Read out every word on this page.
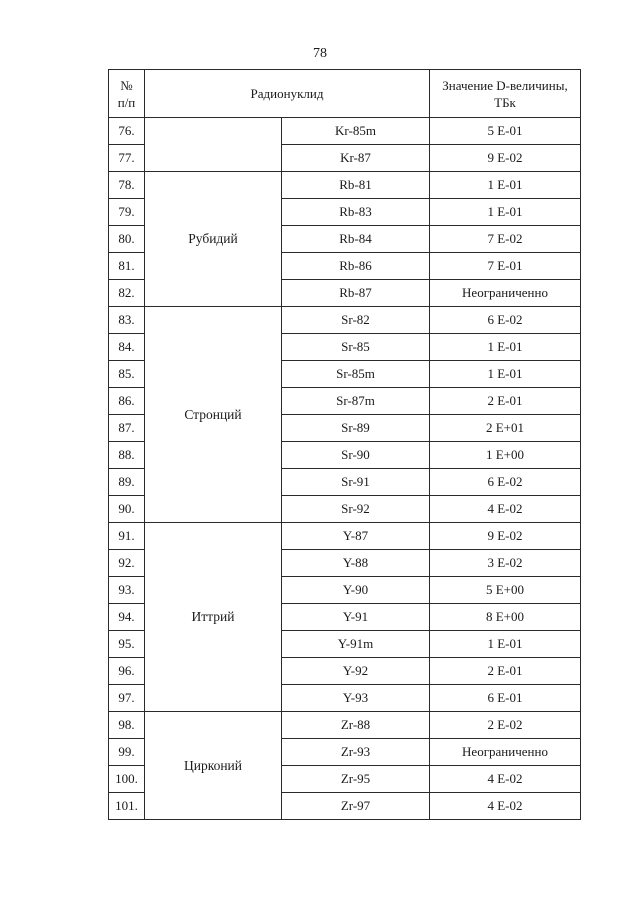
78
№
п/п	Радионуклид		Значение D-величины,
ТБк
76.		Kr-85m	5 E-01
77.		Kr-87	9 E-02
78.	Рубидий	Rb-81	1 E-01
79.		Rb-83	1 E-01
80.		Rb-84	7 E-02
81.		Rb-86	7 E-01
82.		Rb-87	Неограниченно
83.	Стронций	Sr-82	6 E-02
84.		Sr-85	1 E-01
85.		Sr-85m	1 E-01
86.		Sr-87m	2 E-01
87.		Sr-89	2 E+01
88.		Sr-90	1 E+00
89.		Sr-91	6 E-02
90.		Sr-92	4 E-02
91.	Иттрий	Y-87	9 E-02
92.		Y-88	3 E-02
93.		Y-90	5 E+00
94.		Y-91	8 E+00
95.		Y-91m	1 E-01
96.		Y-92	2 E-01
97.		Y-93	6 E-01
98.	Цирконий	Zr-88	2 E-02
99.		Zr-93	Неограниченно
100.		Zr-95	4 E-02
101.		Zr-97	4 E-02
